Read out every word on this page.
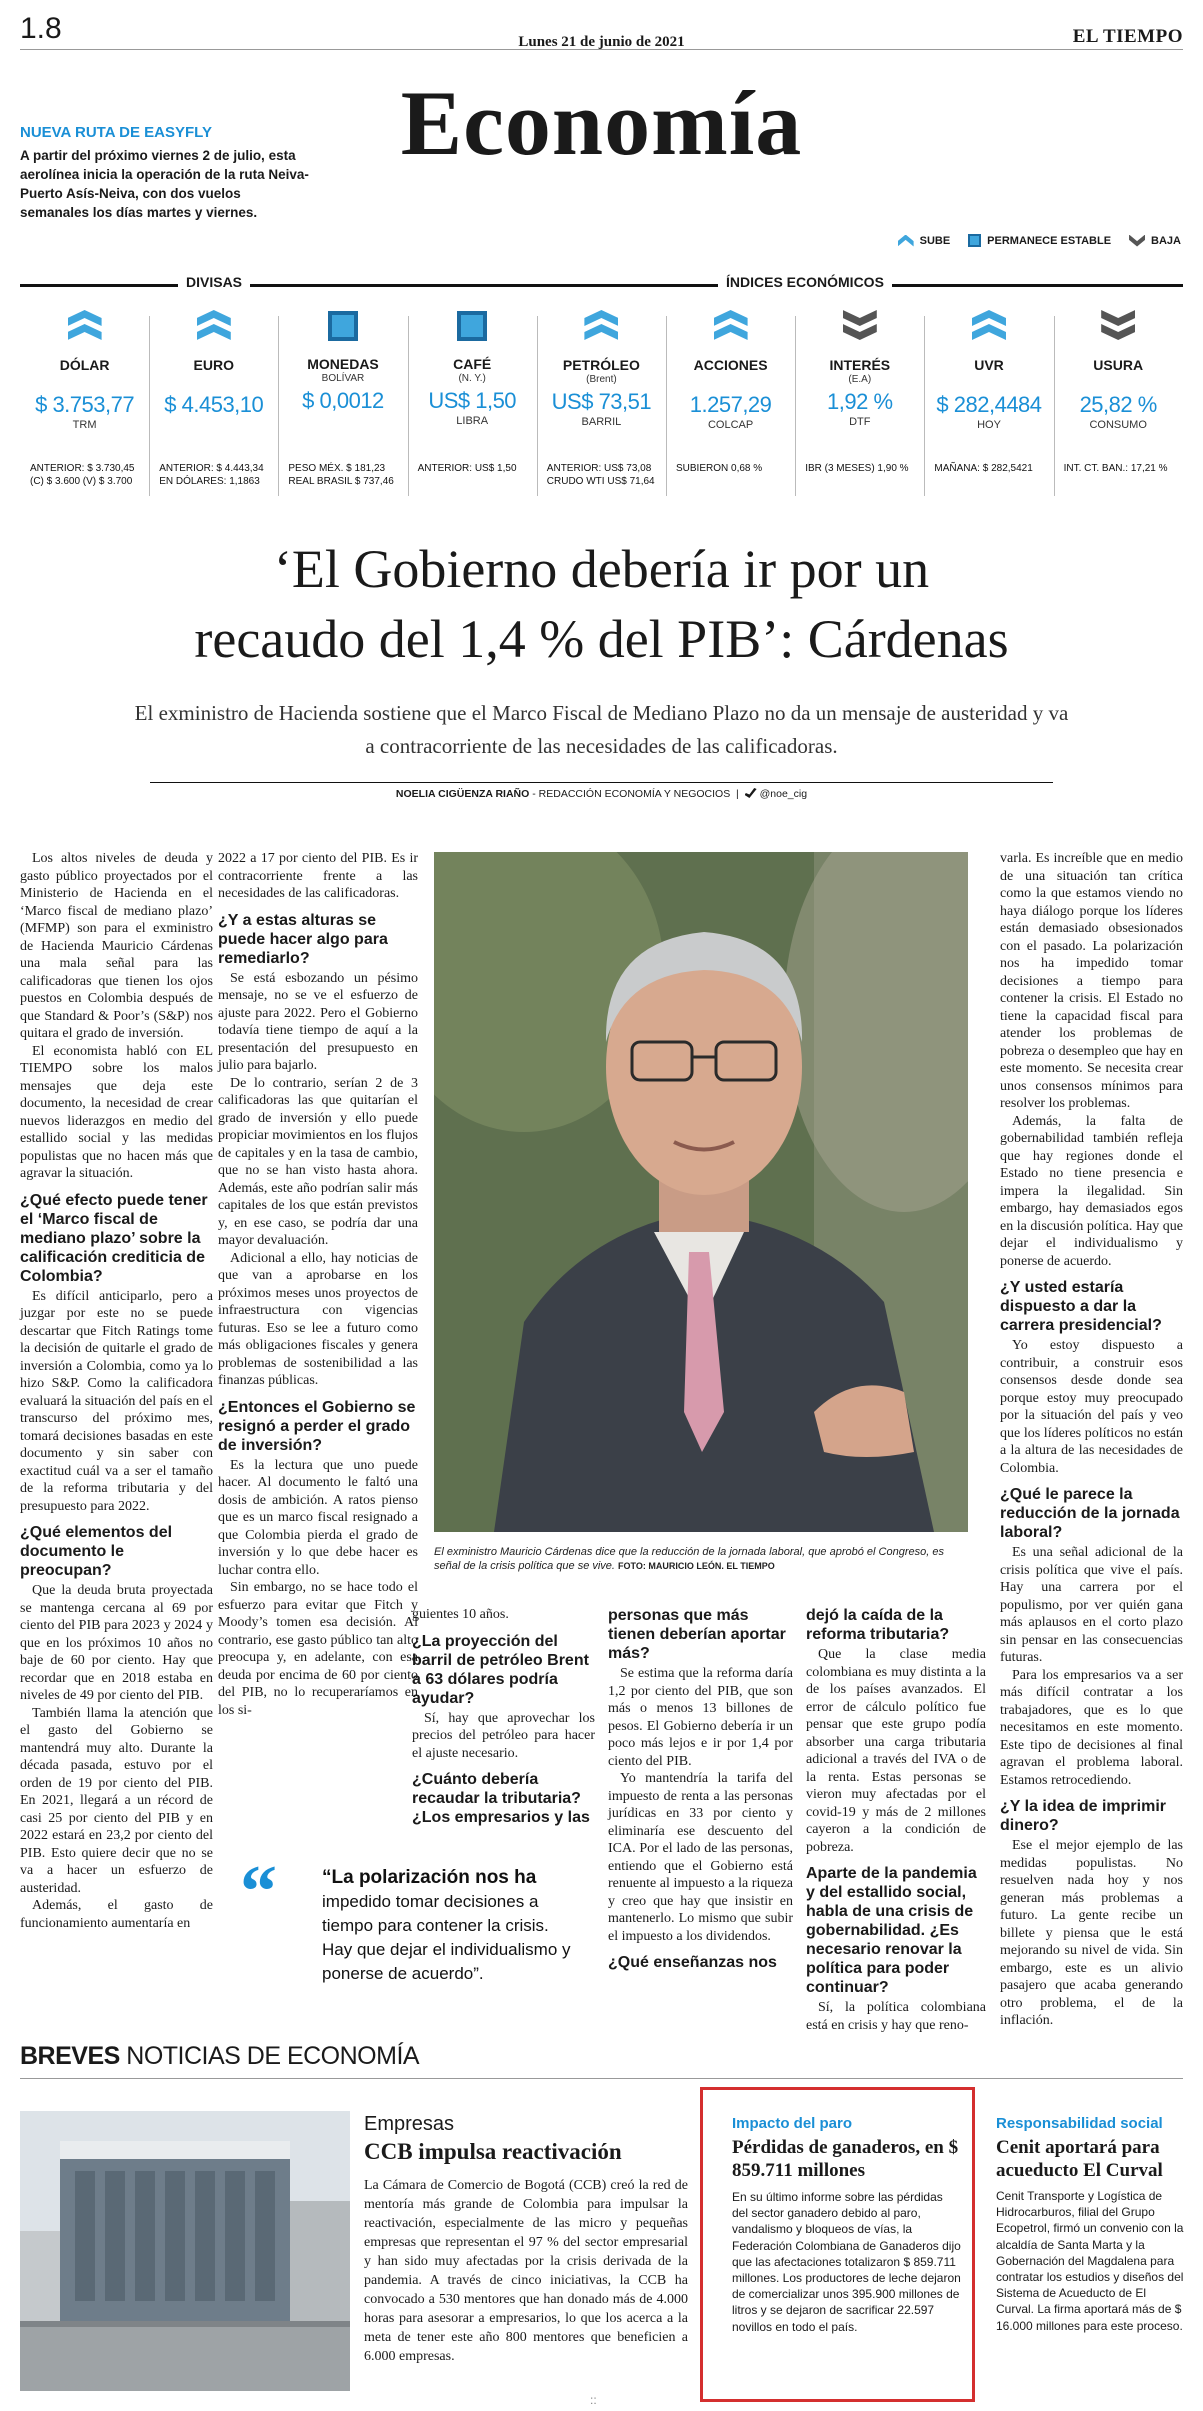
1.8	Lunes 21 de junio de 2021	EL TIEMPO
Economía
NUEVA RUTA DE EASYFLY
A partir del próximo viernes 2 de julio, esta aerolínea inicia la operación de la ruta Neiva-Puerto Asís-Neiva, con dos vuelos semanales los días martes y viernes.
SUBE	PERMANECE ESTABLE	BAJA
DIVISAS	ÍNDICES ECONÓMICOS
DÓLAR
$ 3.753,77
TRM
ANTERIOR: $ 3.730,45
(C) $ 3.600 (V) $ 3.700
EURO
$ 4.453,10
ANTERIOR: $ 4.443,34
EN DÓLARES: 1,1863
MONEDAS
BOLÍVAR
$ 0,0012
PESO MÉX. $ 181,23
REAL BRASIL $ 737,46
CAFÉ
(N. Y.)
US$ 1,50
LIBRA
ANTERIOR: US$ 1,50
PETRÓLEO
(Brent)
US$ 73,51
BARRIL
ANTERIOR: US$ 73,08
CRUDO WTI US$ 71,64
ACCIONES
1.257,29
COLCAP
SUBIERON 0,68 %
INTERÉS
(E.A)
1,92 %
DTF
IBR (3 MESES) 1,90 %
UVR
$ 282,4484
HOY
MAÑANA: $ 282,5421
USURA
25,82 %
CONSUMO
INT. CT. BAN.: 17,21 %
‘El Gobierno debería ir por un
recaudo del 1,4 % del PIB’: Cárdenas
El exministro de Hacienda sostiene que el Marco Fiscal de Mediano Plazo no da un mensaje de austeridad y va a contracorriente de las necesidades de las calificadoras.
NOELIA CIGÜENZA RIAÑO - REDACCIÓN ECONOMÍA Y NEGOCIOS  |  @noe_cig

Los altos niveles de deuda y gasto público proyectados por el Ministerio de Hacienda en el ‘Marco fiscal de mediano plazo’ (MFMP) son para el exministro de Hacienda Mauricio Cárdenas una mala señal para las calificadoras que tienen los ojos puestos en Colombia después de que Standard & Poor’s (S&P) nos quitara el grado de inversión.

El economista habló con EL TIEMPO sobre los malos mensajes que deja este documento, la necesidad de crear nuevos liderazgos en medio del estallido social y las medidas populistas que no hacen más que agravar la situación.

¿Qué efecto puede tener el ‘Marco fiscal de mediano plazo’ sobre la calificación crediticia de Colombia?

Es difícil anticiparlo, pero a juzgar por este no se puede descartar que Fitch Ratings tome la decisión de quitarle el grado de inversión a Colombia, como ya lo hizo S&P. Como la calificadora evaluará la situación del país en el transcurso del próximo mes, tomará decisiones basadas en este documento y sin saber con exactitud cuál va a ser el tamaño de la reforma tributaria y del presupuesto para 2022.

¿Qué elementos del documento le preocupan?

Que la deuda bruta proyectada se mantenga cercana al 69 por ciento del PIB para 2023 y 2024 y que en los próximos 10 años no baje de 60 por ciento. Hay que recordar que en 2018 estaba en niveles de 49 por ciento del PIB.

También llama la atención que el gasto del Gobierno se mantendrá muy alto. Durante la década pasada, estuvo por el orden de 19 por ciento del PIB. En 2021, llegará a un récord de casi 25 por ciento del PIB y en 2022 estará en 23,2 por ciento del PIB. Esto quiere decir que no se va a hacer un esfuerzo de austeridad.

Además, el gasto de funcionamiento aumentaría en

2022 a 17 por ciento del PIB. Es ir contracorriente frente a las necesidades de las calificadoras.

¿Y a estas alturas se puede hacer algo para remediarlo?

Se está esbozando un pésimo mensaje, no se ve el esfuerzo de ajuste para 2022. Pero el Gobierno todavía tiene tiempo de aquí a la presentación del presupuesto en julio para bajarlo.

De lo contrario, serían 2 de 3 calificadoras las que quitarían el grado de inversión y ello puede propiciar movimientos en los flujos de capitales y en la tasa de cambio, que no se han visto hasta ahora. Además, este año podrían salir más capitales de los que están previstos y, en ese caso, se podría dar una mayor devaluación.

Adicional a ello, hay noticias de que van a aprobarse en los próximos meses unos proyectos de infraestructura con vigencias futuras. Eso se lee a futuro como más obligaciones fiscales y genera problemas de sostenibilidad a las finanzas públicas.

¿Entonces el Gobierno se resignó a perder el grado de inversión?

Es la lectura que uno puede hacer. Al documento le faltó una dosis de ambición. A ratos pienso que es un marco fiscal resignado a que Colombia pierda el grado de inversión y lo que debe hacer es luchar contra ello.

Sin embargo, no se hace todo el esfuerzo para evitar que Fitch y Moody’s tomen esa decisión. Al contrario, ese gasto público tan alto preocupa y, en adelante, con esa deuda por encima de 60 por ciento del PIB, no lo recuperaríamos en los si-

guientes 10 años.

¿La proyección del barril de petróleo Brent a 63 dólares podría ayudar?

Sí, hay que aprovechar los precios del petróleo para hacer el ajuste necesario.

¿Cuánto debería recaudar la tributaria? ¿Los empresarios y las

personas que más tienen deberían aportar más?

Se estima que la reforma daría 1,2 por ciento del PIB, que son más o menos 13 billones de pesos. El Gobierno debería ir un poco más lejos e ir por 1,4 por ciento del PIB.

Yo mantendría la tarifa del impuesto de renta a las personas jurídicas en 33 por ciento y eliminaría ese descuento del ICA. Por el lado de las personas, entiendo que el Gobierno está renuente al impuesto a la riqueza y creo que hay que insistir en mantenerlo. Lo mismo que subir el impuesto a los dividendos.

¿Qué enseñanzas nos

dejó la caída de la reforma tributaria?

Que la clase media colombiana es muy distinta a la de los países avanzados. El error de cálculo político fue pensar que este grupo podía absorber una carga tributaria adicional a través del IVA o de la renta. Estas personas se vieron muy afectadas por el covid-19 y más de 2 millones cayeron a la condición de pobreza.

Aparte de la pandemia y del estallido social, habla de una crisis de gobernabilidad. ¿Es necesario renovar la política para poder continuar?

Sí, la política colombiana está en crisis y hay que reno-

varla. Es increíble que en medio de una situación tan crítica como la que estamos viendo no haya diálogo porque los líderes están demasiado obsesionados con el pasado. La polarización nos ha impedido tomar decisiones a tiempo para contener la crisis. El Estado no tiene la capacidad fiscal para atender los problemas de pobreza o desempleo que hay en este momento. Se necesita crear unos consensos mínimos para resolver los problemas.

Además, la falta de gobernabilidad también refleja que hay regiones donde el Estado no tiene presencia e impera la ilegalidad. Sin embargo, hay demasiados egos en la discusión política. Hay que dejar el individualismo y ponerse de acuerdo.

¿Y usted estaría dispuesto a dar la carrera presidencial?

Yo estoy dispuesto a contribuir, a construir esos consensos desde donde sea porque estoy muy preocupado por la situación del país y veo que los líderes políticos no están a la altura de las necesidades de Colombia.

¿Qué le parece la reducción de la jornada laboral?

Es una señal adicional de la crisis política que vive el país. Hay una carrera por el populismo, por ver quién gana más aplausos en el corto plazo sin pensar en las consecuencias futuras.

Para los empresarios va a ser más difícil contratar a los trabajadores, que es lo que necesitamos en este momento. Este tipo de decisiones al final agravan el problema laboral. Estamos retrocediendo.

¿Y la idea de imprimir dinero?

Ese el mejor ejemplo de las medidas populistas. No resuelven nada hoy y nos generan más problemas a futuro. La gente recibe un billete y piensa que le está mejorando su nivel de vida. Sin embargo, este es un alivio pasajero que acaba generando otro problema, el de la inflación.

El exministro Mauricio Cárdenas dice que la reducción de la jornada laboral, que aprobó el Congreso, es señal de la crisis política que se vive. FOTO: MAURICIO LEÓN. EL TIEMPO
“ “La polarización nos ha
impedido tomar decisiones a tiempo para contener la crisis. Hay que dejar el individualismo y ponerse de acuerdo”.
BREVES NOTICIAS DE ECONOMÍA
Empresas
CCB impulsa reactivación
La Cámara de Comercio de Bogotá (CCB) creó la red de mentoría más grande de Colombia para impulsar la reactivación, especialmente de las micro y pequeñas empresas que representan el 97 % del sector empresarial y han sido muy afectadas por la crisis derivada de la pandemia. A través de cinco iniciativas, la CCB ha convocado a 530 mentores que han donado más de 4.000 horas para asesorar a empresarios, lo que los acerca a la meta de tener este año 800 mentores que beneficien a 6.000 empresas.
Impacto del paro
Pérdidas de ganaderos, en $ 859.711 millones
En su último informe sobre las pérdidas del sector ganadero debido al paro, vandalismo y bloqueos de vías, la Federación Colombiana de Ganaderos dijo que las afectaciones totalizaron $ 859.711 millones. Los productores de leche dejaron de comercializar unos 395.900 millones de litros y se dejaron de sacrificar 22.597 novillos en todo el país.
Responsabilidad social
Cenit aportará para acueducto El Curval
Cenit Transporte y Logística de Hidrocarburos, filial del Grupo Ecopetrol, firmó un convenio con la alcaldía de Santa Marta y la Gobernación del Magdalena para contratar los estudios y diseños del Sistema de Acueducto de El Curval. La firma aportará más de $ 16.000 millones para este proceso.
::
